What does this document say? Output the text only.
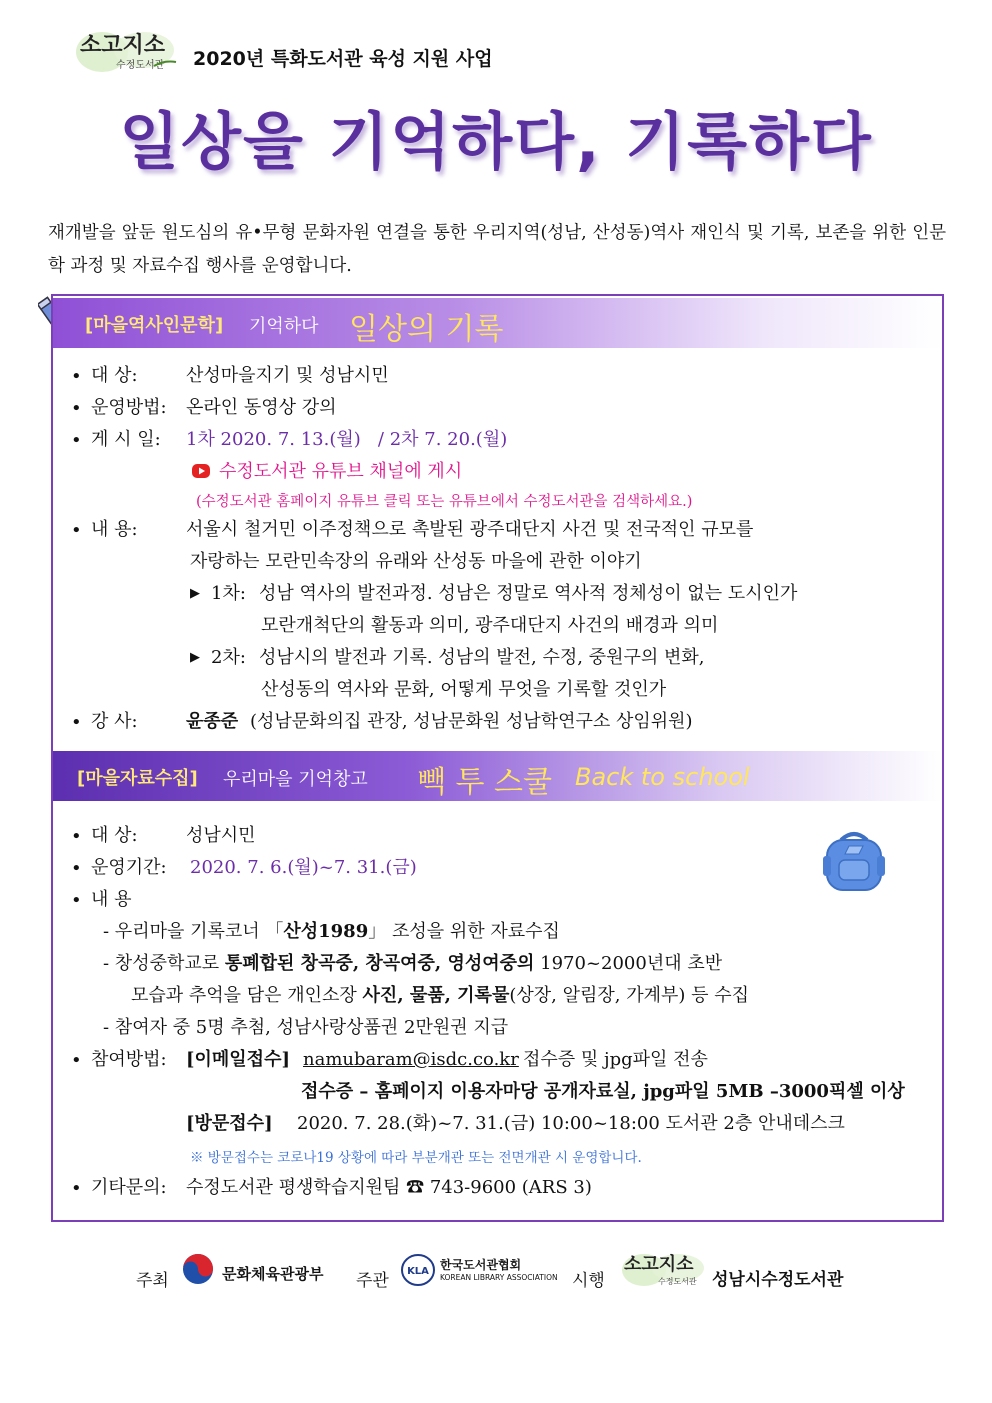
소고지소
수정도서관 2020년 특화도서관 육성 지원 사업
일상을 기억하다, 기록하다
재개발을 앞둔 원도심의 유•무형 문화자원 연결을 통한 우리지역(성남, 산성동)역사 재인식 및 기록, 보존을 위한 인문학 과정 및 자료수집 행사를 운영합니다.
[마을역사인문학] 기억하다 일상의 기록
• 대 상:	산성마을지기 및 성남시민
• 운영방법: 온라인 동영상 강의
• 게 시 일: 1차 2020. 7. 13.(월)   / 2차 7. 20.(월)
수정도서관 유튜브 채널에 게시
(수정도서관 홈페이지 유튜브 클릭 또는 유튜브에서 수정도서관을 검색하세요.)
• 내 용:	서울시 철거민 이주정책으로 촉발된 광주대단지 사건 및 전국적인 규모를
자랑하는 모란민속장의 유래와 산성동 마을에 관한 이야기
▶ 1차: 성남 역사의 발전과정. 성남은 정말로 역사적 정체성이 없는 도시인가
모란개척단의 활동과 의미, 광주대단지 사건의 배경과 의미
▶ 2차: 성남시의 발전과 기록. 성남의 발전, 수정, 중원구의 변화,
산성동의 역사와 문화, 어떻게 무엇을 기록할 것인가
• 강 사:	윤종준 (성남문화의집 관장, 성남문화원 성남학연구소 상임위원)
[마을자료수집] 우리마을 기억창고 빽 투 스쿨 Back to school
• 대 상:	성남시민
• 운영기간: 2020. 7. 6.(월)~7. 31.(금)
• 내 용
- 우리마을 기록코너 「산성1989」 조성을 위한 자료수집
- 창성중학교로 통폐합된 창곡중, 창곡여중, 영성여중의 1970~2000년대 초반
모습과 추억을 담은 개인소장 사진, 물품, 기록물(상장, 알림장, 가계부) 등 수집
- 참여자 중 5명 추첨, 성남사랑상품권 2만원권 지급
• 참여방법: [이메일접수] namubaram@isdc.co.kr 접수증 및 jpg파일 전송
접수증 – 홈페이지 이용자마당 공개자료실, jpg파일 5MB –3000픽셀 이상
[방문접수] 2020. 7. 28.(화)~7. 31.(금) 10:00~18:00 도서관 2층 안내데스크
※ 방문접수는 코로나19 상황에 따라 부분개관 또는 전면개관 시 운영합니다.
• 기타문의: 수정도서관 평생학습지원팀 ☎ 743-9600 (ARS 3)
주최	문화체육관광부 주관 KLA 한국도서관협회
KOREAN LIBRARY ASSOCIATION 시행
소고지소
수정도서관 성남시수정도서관
